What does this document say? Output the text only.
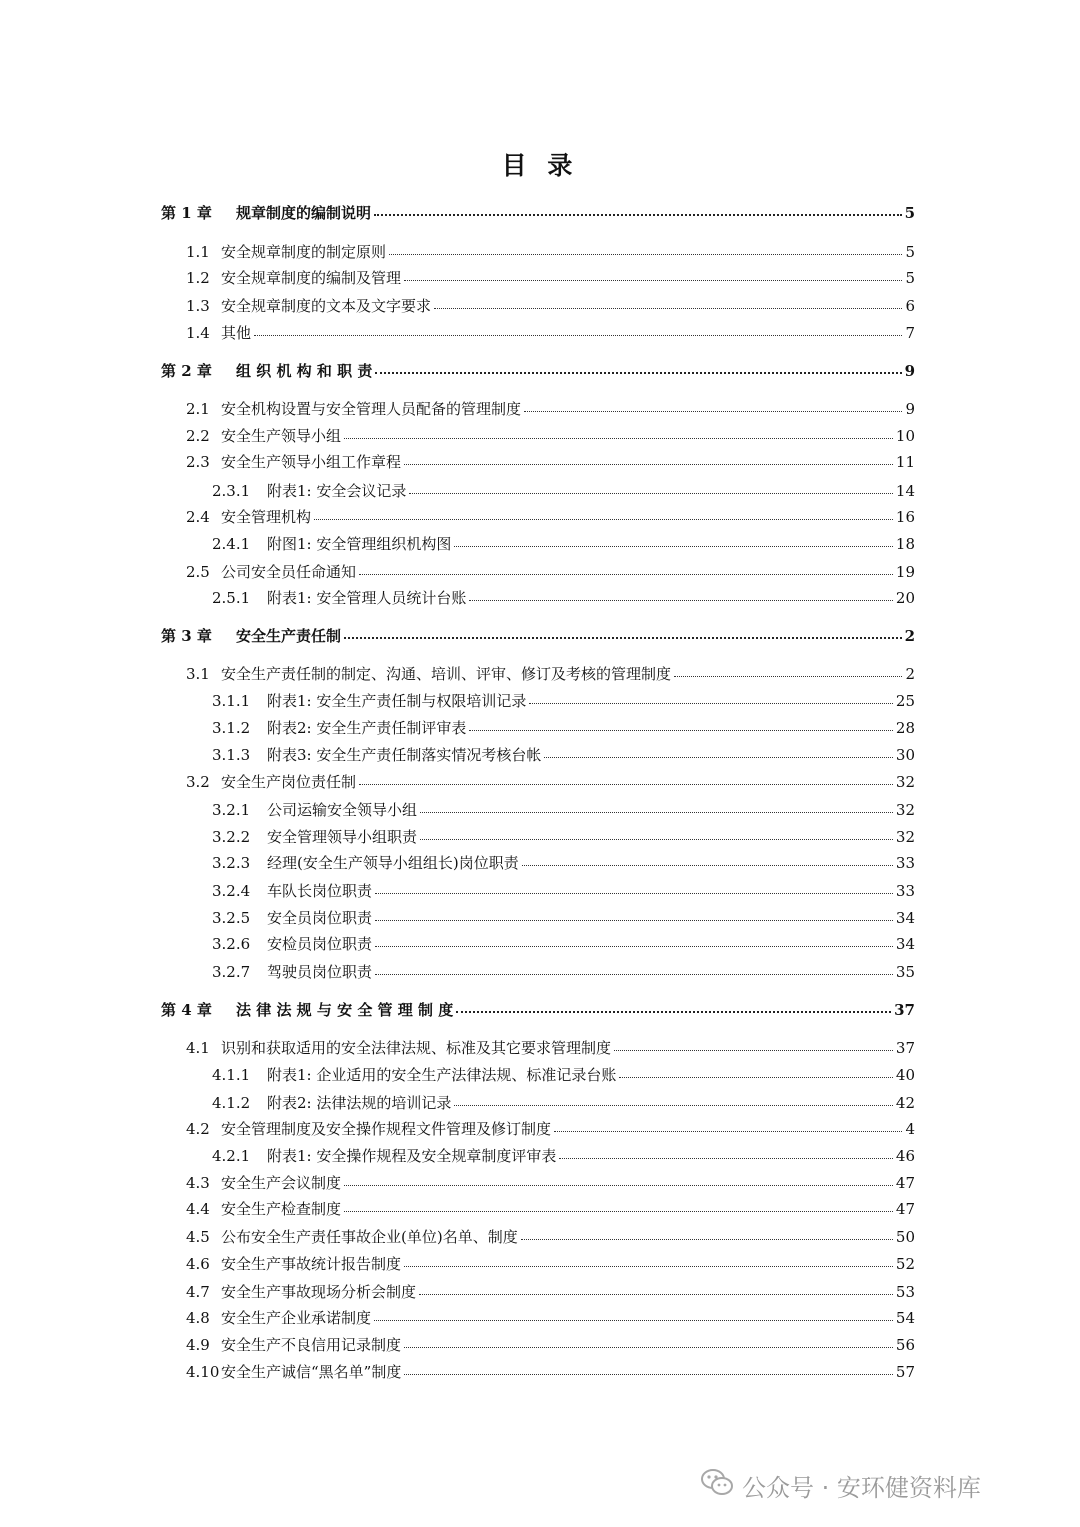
目 录
第 1 章	规章制度的编制说明	5
1.1 安全规章制度的制定原则	5
1.2 安全规章制度的编制及管理	5
1.3 安全规章制度的文本及文字要求	6
1.4 其他	7
第 2 章	组 织 机 构 和 职 责	9
2.1 安全机构设置与安全管理人员配备的管理制度	9
2.2 安全生产领导小组	10
2.3 安全生产领导小组工作章程	11
2.3.1	附表1: 安全会议记录	14
2.4 安全管理机构	16
2.4.1	附图1: 安全管理组织机构图	18
2.5 公司安全员任命通知	19
2.5.1	附表1: 安全管理人员统计台账	20
第 3 章	安全生产责任制	2
3.1 安全生产责任制的制定、沟通、培训、评审、修订及考核的管理制度	2
3.1.1	附表1: 安全生产责任制与权限培训记录	25
3.1.2	附表2: 安全生产责任制评审表	28
3.1.3	附表3: 安全生产责任制落实情况考核台帐	30
3.2 安全生产岗位责任制	32
3.2.1	公司运输安全领导小组	32
3.2.2	安全管理领导小组职责	32
3.2.3	经理(安全生产领导小组组长)岗位职责	33
3.2.4	车队长岗位职责	33
3.2.5	安全员岗位职责	34
3.2.6	安检员岗位职责	34
3.2.7	驾驶员岗位职责	35
第 4 章	法 律 法 规 与 安 全 管 理 制 度	37
4.1 识别和获取适用的安全法律法规、标准及其它要求管理制度	37
4.1.1	附表1: 企业适用的安全生产法律法规、标准记录台账	40
4.1.2	附表2: 法律法规的培训记录	42
4.2 安全管理制度及安全操作规程文件管理及修订制度	4
4.2.1	附表1: 安全操作规程及安全规章制度评审表	46
4.3 安全生产会议制度	47
4.4 安全生产检查制度	47
4.5 公布安全生产责任事故企业(单位)名单、制度	50
4.6 安全生产事故统计报告制度	52
4.7 安全生产事故现场分析会制度	53
4.8 安全生产企业承诺制度	54
4.9 安全生产不良信用记录制度	56
4.10 安全生产诚信“黑名单”制度	57
公众号 · 安环健资料库
